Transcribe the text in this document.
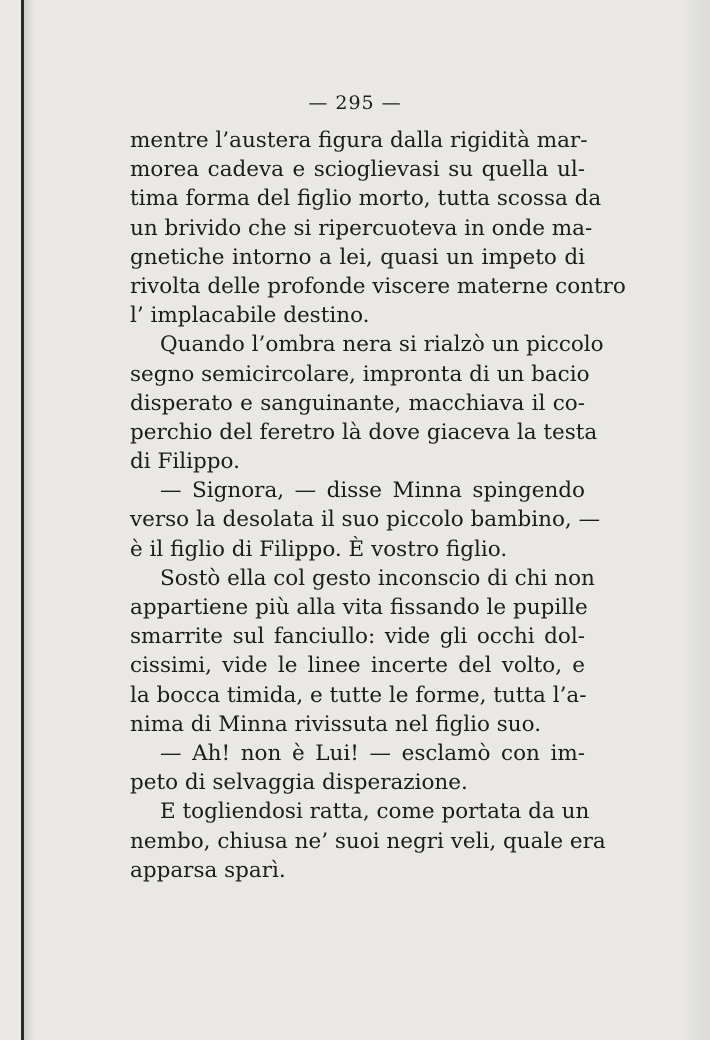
— 295 —

mentre l’austera figura dalla rigidità mar-
morea cadeva e sciogliev​asi su quella ul-
tima forma del figlio morto, tutta scossa da
un brivido che si ripercuoteva in onde ma-
gnetiche intorno a lei, quasi un impeto di
rivolta delle profonde viscere materne contro
l’ implacabile destino.
Quando l’ombra nera si rialzò un piccolo
segno semicircolare, impronta di un bacio
disperato e sanguinante, macchiava il co-
perchio del feretro là dove giaceva la testa
di Filippo.
— Signora, — disse Minna spingendo
verso la desolata il suo piccolo bambino, —
è il figlio di Filippo. È vostro figlio.
Sostò ella col gesto inconscio di chi non
appartiene più alla vita fissando le pupille
smarrite sul fanciullo: vide gli occhi dol-
cissimi, vide le linee incerte del volto, e
la bocca timida, e tutte le forme, tutta l’a-
nima di Minna rivissuta nel figlio suo.
— Ah! non è Lui! — esclamò con im-
peto di selvaggia disperazione.
E togliendosi ratta, come portata da un
nembo, chiusa ne’ suoi negri veli, quale era
apparsa sparì.
